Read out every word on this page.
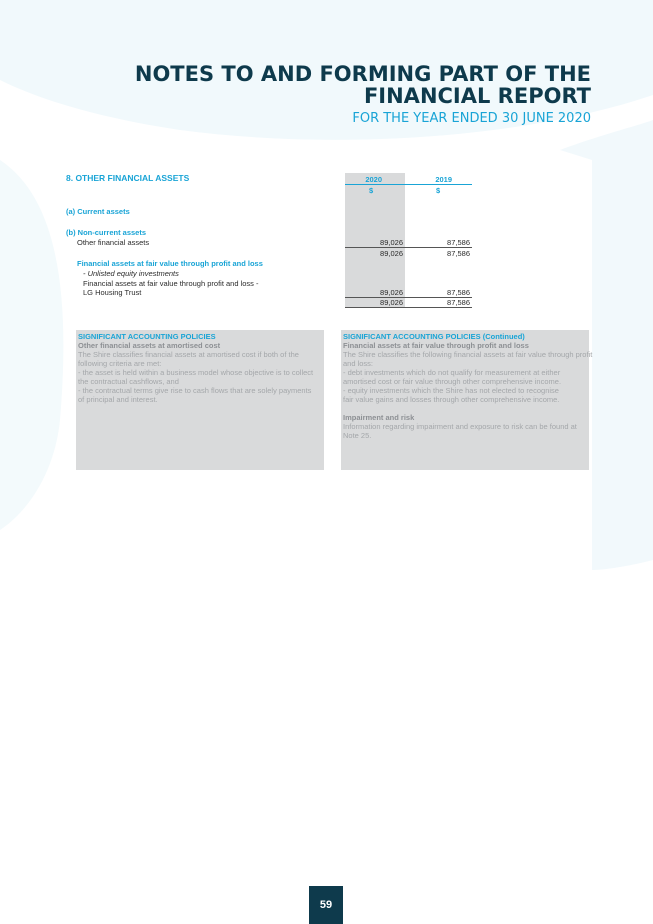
NOTES TO AND FORMING PART OF THE
FINANCIAL REPORT
FOR THE YEAR ENDED 30 JUNE 2020
8. OTHER FINANCIAL ASSETS	2020	2019
$	$
(a) Current assets
(b) Non-current assets
Other financial assets	89,026	87,586
89,026	87,586
Financial assets at fair value through profit and loss
- Unlisted equity investments
Financial assets at fair value through profit and loss -
LG Housing Trust	89,026	87,586
89,026	87,586
SIGNIFICANT ACCOUNTING POLICIES
Other financial assets at amortised cost
The Shire classifies financial assets at amortised cost if both of the
following criteria are met:
- the asset is held within a business model whose objective is to collect
the contractual cashflows, and
- the contractual terms give rise to cash flows that are solely payments
of principal and interest.
SIGNIFICANT ACCOUNTING POLICIES (Continued)
Financial assets at fair value through profit and loss
The Shire classifies the following financial assets at fair value through profit
and loss:
- debt investments which do not qualify for measurement at either
amortised cost or fair value through other comprehensive income.
- equity investments which the Shire has not elected to recognise
fair value gains and losses through other comprehensive income.
Impairment and risk
Information regarding impairment and exposure to risk can be found at
Note 25.
59
